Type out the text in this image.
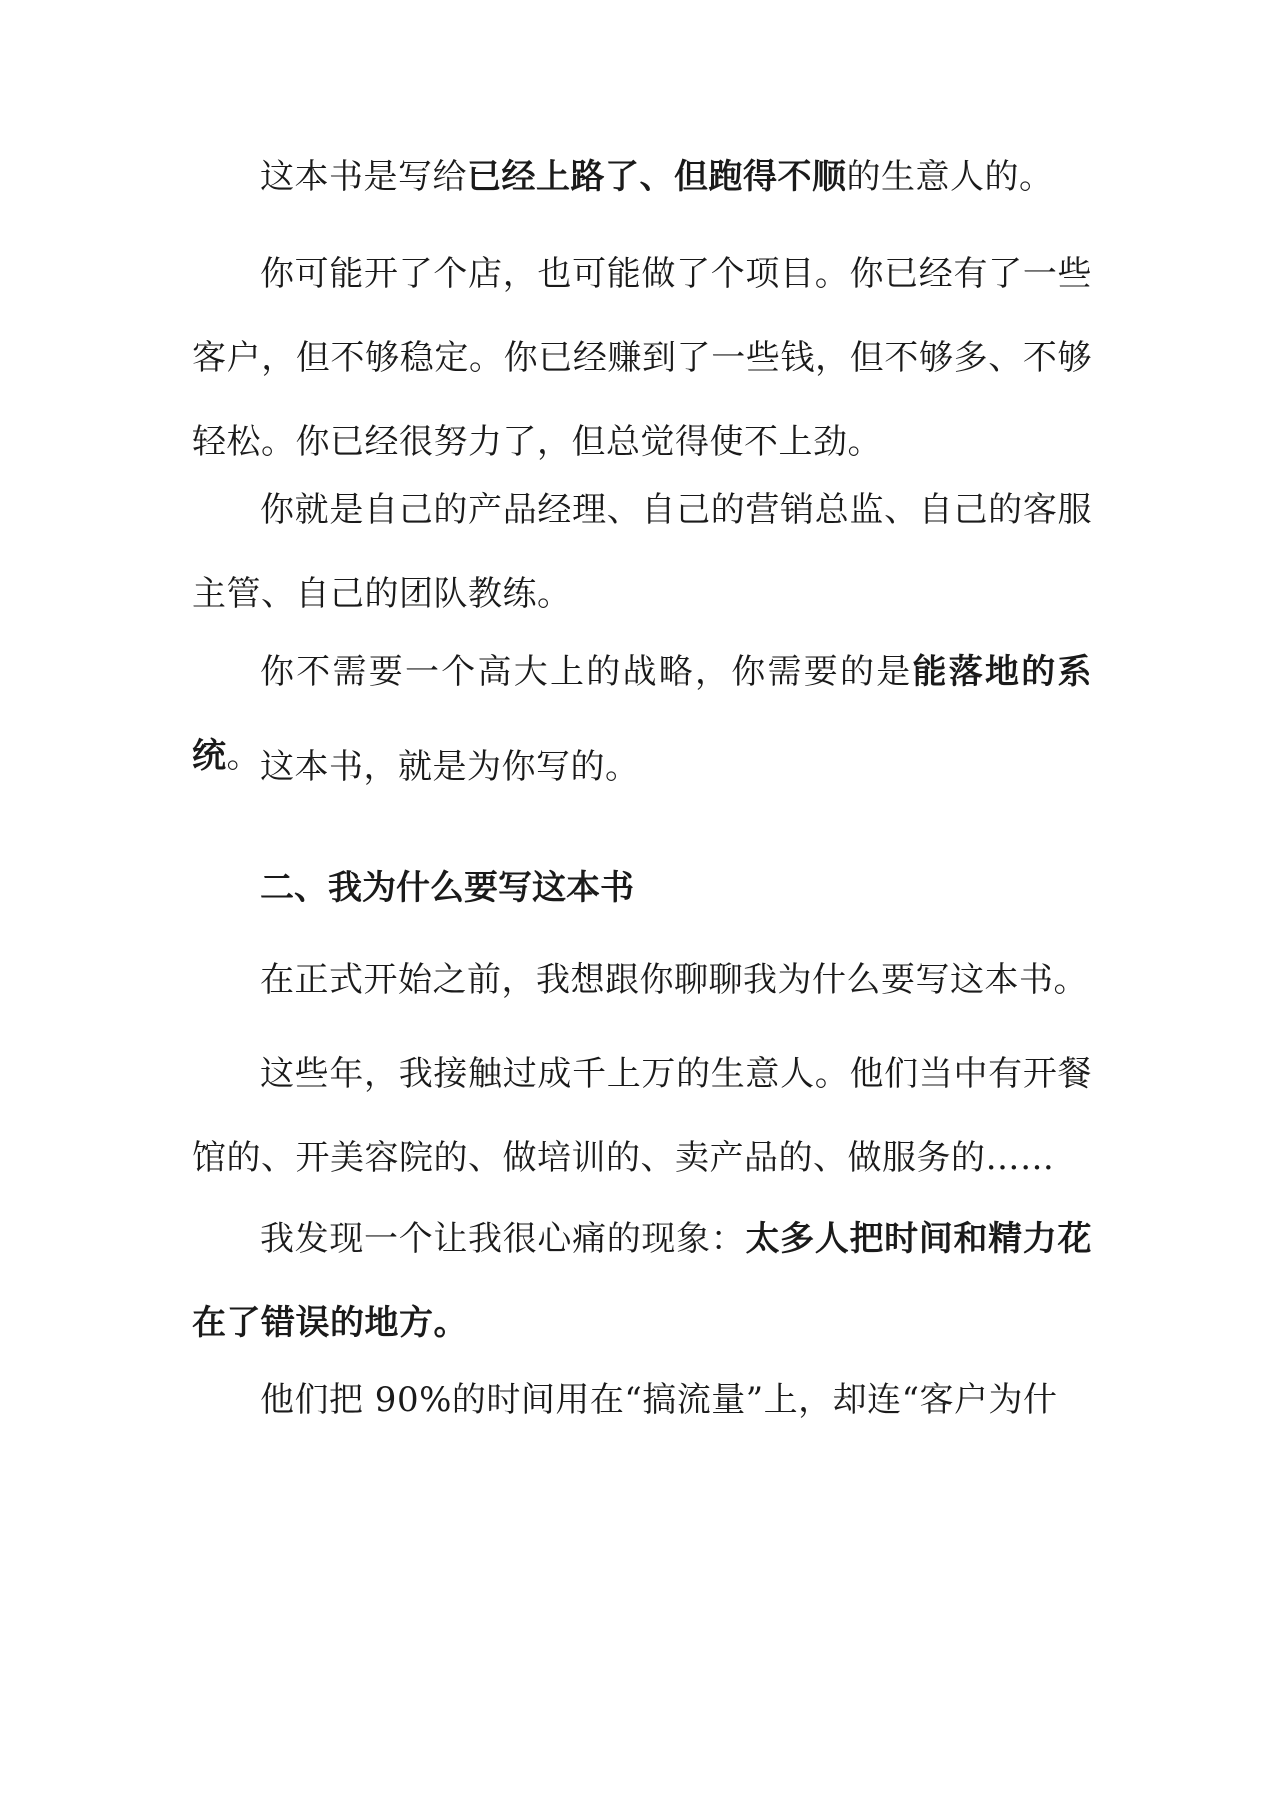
这本书是写给已经上路了、但跑得不顺的生意人的。

你可能开了个店，也可能做了个项目。你已经有了一些客户，但不够稳定。你已经赚到了一些钱，但不够多、不够轻松。你已经很努力了，但总觉得使不上劲。

你就是自己的产品经理、自己的营销总监、自己的客服主管、自己的团队教练。

你不需要一个高大上的战略，你需要的是能落地的系统。 这本书，就是为你写的。

二、我为什么要写这本书

在正式开始之前，我想跟你聊聊我为什么要写这本书。

这些年，我接触过成千上万的生意人。他们当中有开餐馆的、开美容院的、做培训的、卖产品的、做服务的……

我发现一个让我很心痛的现象：太多人把时间和精力花在了错误的地方。

他们把 90%的时间用在“搞流量”上，却连“客户为什
